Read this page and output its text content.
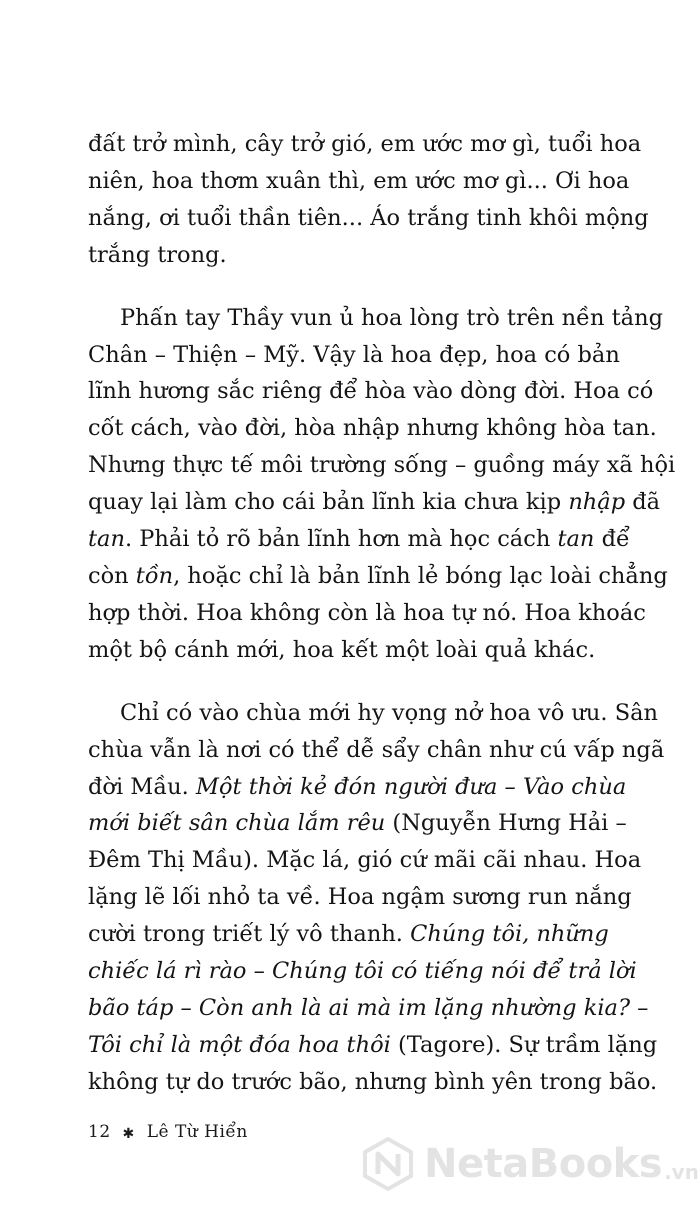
đất trở mình, cây trở gió, em ước mơ gì, tuổi hoa
niên, hoa thơm xuân thì, em ước mơ gì... Ơi hoa
nắng, ơi tuổi thần tiên... Áo trắng tinh khôi mộng
trắng trong.
Phấn tay Thầy vun ủ hoa lòng trò trên nền tảng
Chân – Thiện – Mỹ. Vậy là hoa đẹp, hoa có bản
lĩnh hương sắc riêng để hòa vào dòng đời. Hoa có
cốt cách, vào đời, hòa nhập nhưng không hòa tan.
Nhưng thực tế môi trường sống – guồng máy xã hội
quay lại làm cho cái bản lĩnh kia chưa kịp nhập đã
tan. Phải tỏ rõ bản lĩnh hơn mà học cách tan để
còn tồn, hoặc chỉ là bản lĩnh lẻ bóng lạc loài chẳng
hợp thời. Hoa không còn là hoa tự nó. Hoa khoác
một bộ cánh mới, hoa kết một loài quả khác.
Chỉ có vào chùa mới hy vọng nở hoa vô ưu. Sân
chùa vẫn là nơi có thể dễ sẩy chân như cú vấp ngã
đời Mầu. Một thời kẻ đón người đưa – Vào chùa
mới biết sân chùa lắm rêu (Nguyễn Hưng Hải –
Đêm Thị Mầu). Mặc lá, gió cứ mãi cãi nhau. Hoa
lặng lẽ lối nhỏ ta về. Hoa ngậm sương run nắng
cười trong triết lý vô thanh. Chúng tôi, những
chiếc lá rì rào – Chúng tôi có tiếng nói để trả lời
bão táp – Còn anh là ai mà im lặng nhường kia? –
Tôi chỉ là một đóa hoa thôi (Tagore). Sự trầm lặng
không tự do trước bão, nhưng bình yên trong bão.
12 ✱ Lê Từ Hiển
NetaBooks .vn
